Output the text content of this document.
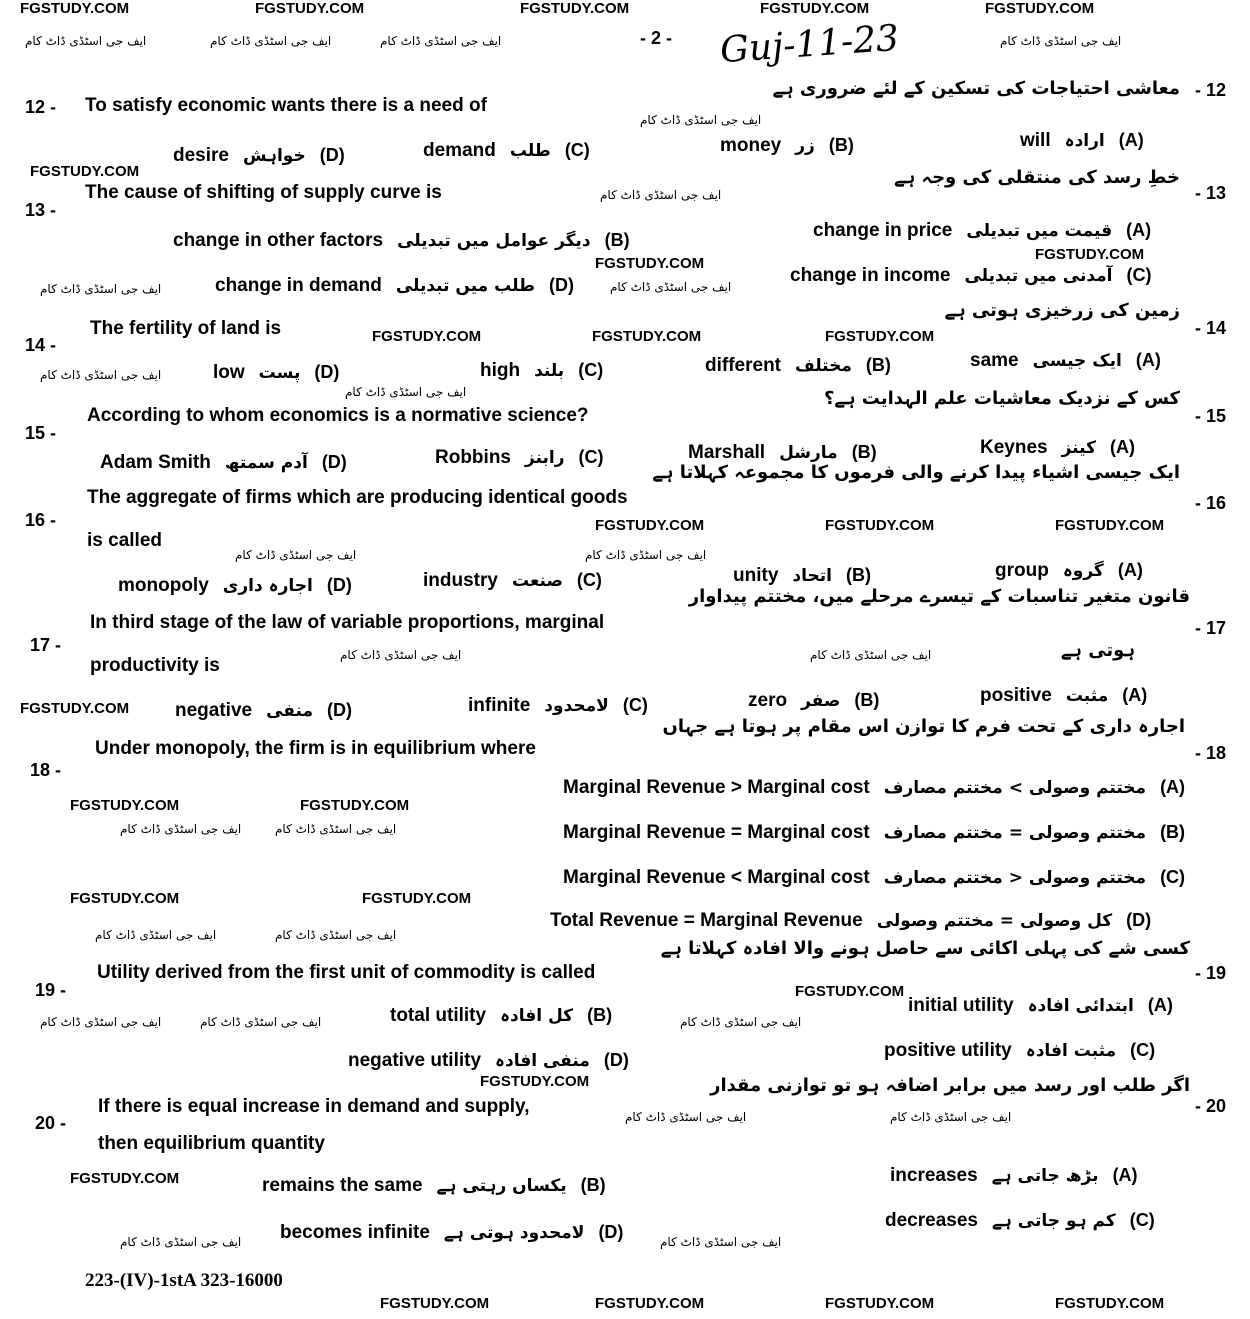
FGSTUDY.COM	FGSTUDY.COM	FGSTUDY.COM	FGSTUDY.COM	FGSTUDY.COM
ایف جی اسٹڈی ڈاٹ کام	ایف جی اسٹڈی ڈاٹ کام	ایف جی اسٹڈی ڈاٹ کام	ایف جی اسٹڈی ڈاٹ کام
- 2 - Guj-11-23
FGSTUDY.COM
FGSTUDY.COM
FGSTUDY.COM
FGSTUDY.COM
FGSTUDY.COM	FGSTUDY.COM
FGSTUDY.COM
FGSTUDY.COM	FGSTUDY.COM
FGSTUDY.COM	FGSTUDY.COM
FGSTUDY.COM	FGSTUDY.COM
FGSTUDY.COM
FGSTUDY.COM
FGSTUDY.COM
FGSTUDY.COM
FGSTUDY.COM	FGSTUDY.COM	FGSTUDY.COM	FGSTUDY.COM
ایف جی اسٹڈی ڈاٹ کام
ایف جی اسٹڈی ڈاٹ کام
ایف جی اسٹڈی ڈاٹ کام
ایف جی اسٹڈی ڈاٹ کام
ایف جی اسٹڈی ڈاٹ کام	ایف جی اسٹڈی ڈاٹ کام
ایف جی اسٹڈی ڈاٹ کام
ایف جی اسٹڈی ڈاٹ کام
ایف جی اسٹڈی ڈاٹ کام	ایف جی اسٹڈی ڈاٹ کام
ایف جی اسٹڈی ڈاٹ کام	ایف جی اسٹڈی ڈاٹ کام
ایف جی اسٹڈی ڈاٹ کام	ایف جی اسٹڈی ڈاٹ کام	ایف جی اسٹڈی ڈاٹ کام
ایف جی اسٹڈی ڈاٹ کام	ایف جی اسٹڈی ڈاٹ کام
ایف جی اسٹڈی ڈاٹ کام	ایف جی اسٹڈی ڈاٹ کام
ایف جی اسٹڈی ڈاٹ کام
ایف جی اسٹڈی ڈاٹ کام
- 12
12 - To satisfy economic wants there is a need of
معاشی احتیاجات کی تسکین کے لئے ضروری ہے
will ارادہ (A)
money زر (B)
demand طلب (C)
desire خواہش (D)
- 13
13 -
The cause of shifting of supply curve is
خطِ رسد کی منتقلی کی وجہ ہے
change in price قیمت میں تبدیلی (A)
change in other factors دیگر عوامل میں تبدیلی (B)
change in income آمدنی میں تبدیلی (C)
change in demand طلب میں تبدیلی (D)
- 14
14 -
The fertility of land is
زمین کی زرخیزی ہوتی ہے
same ایک جیسی (A)
different مختلف (B)
high بلند (C)
low پست (D)
- 15
15 -
According to whom economics is a normative science?
کس کے نزدیک معاشیات علم الہدایت ہے؟
Keynes کینز (A)
Marshall مارشل (B)
Robbins رابنز (C)
Adam Smith آدم سمتھ (D)
- 16
16 -
The aggregate of firms which are producing identical goods
is called
ایک جیسی اشیاء پیدا کرنے والی فرموں کا مجموعہ کہلاتا ہے
group گروہ (A)
unity اتحاد (B)
industry صنعت (C)
monopoly اجارہ داری (D)
- 17
17 -
In third stage of the law of variable proportions, marginal
productivity is
قانون متغیر تناسبات کے تیسرے مرحلے میں، مختتم پیداوار
ہوتی ہے
positive مثبت (A)
zero صفر (B)
infinite لامحدود (C)
negative منفی (D)
- 18
18 -
Under monopoly, the firm is in equilibrium where
اجارہ داری کے تحت فرم کا توازن اس مقام پر ہوتا ہے جہاں
Marginal Revenue > Marginal cost مختتم وصولی > مختتم مصارف (A)
Marginal Revenue = Marginal cost مختتم وصولی = مختتم مصارف (B)
Marginal Revenue < Marginal cost مختتم وصولی < مختتم مصارف (C)
Total Revenue = Marginal Revenue کل وصولی = مختتم وصولی (D)
- 19
19 -
Utility derived from the first unit of commodity is called
کسی شے کی پہلی اکائی سے حاصل ہونے والا افادہ کہلاتا ہے
initial utility ابتدائی افادہ (A)
total utility کل افادہ (B)
positive utility مثبت افادہ (C)
negative utility منفی افادہ (D)
- 20
20 -
If there is equal increase in demand and supply,
then equilibrium quantity
اگر طلب اور رسد میں برابر اضافہ ہو تو توازنی مقدار
increases بڑھ جاتی ہے (A)
remains the same یکساں رہتی ہے (B)
decreases کم ہو جاتی ہے (C)
becomes infinite لامحدود ہوتی ہے (D)
223-(IV)-1stA 323-16000
